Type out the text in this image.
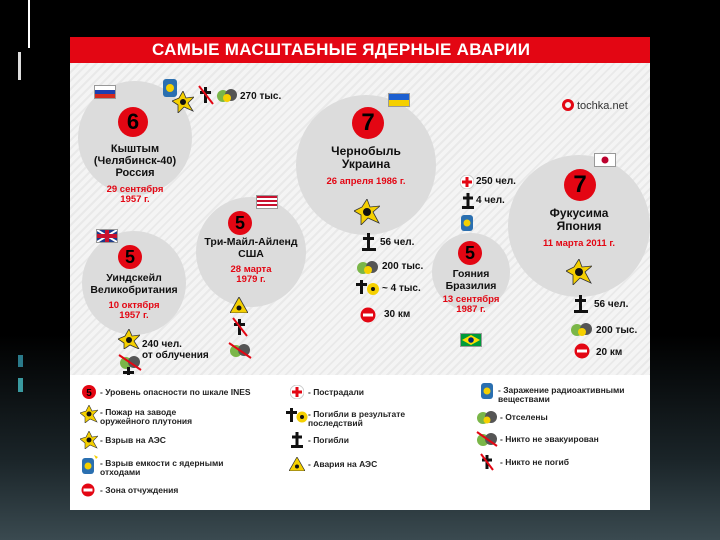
САМЫЕ МАСШТАБНЫЕ ЯДЕРНЫЕ АВАРИИ
tochka.net
6
Кыштым
(Челябинск-40)
Россия
29 сентября
1957 г.
270 тыс.
7
Чернобыль
Украина
26 апреля 1986 г.
56 чел.
200 тыс.
~ 4 тыс.
30 км
5
Три-Майл-Айленд
США
28 марта
1979 г.
5
Уиндскейл
Великобритания
10 октября
1957 г.
250 чел.
4 чел.
5
Гояния
Бразилия
13 сентября
1987 г.
7
Фукусима
Япония
11 марта 2011 г.
56 чел.
200 тыс.
20 км
240 чел.
от облучения
5 - Уровень опасности по шкале INES
- Пожар на заводе
оружейного плутония
- Взрыв на АЭС
- Взрыв емкости с ядерными
отходами
- Зона отчуждения
- Пострадали
- Погибли в результате
последствий
- Погибли
- Авария на АЭС
- Заражение радиоактивными
веществами
- Отселены
- Никто не эвакуирован
- Никто не погиб
